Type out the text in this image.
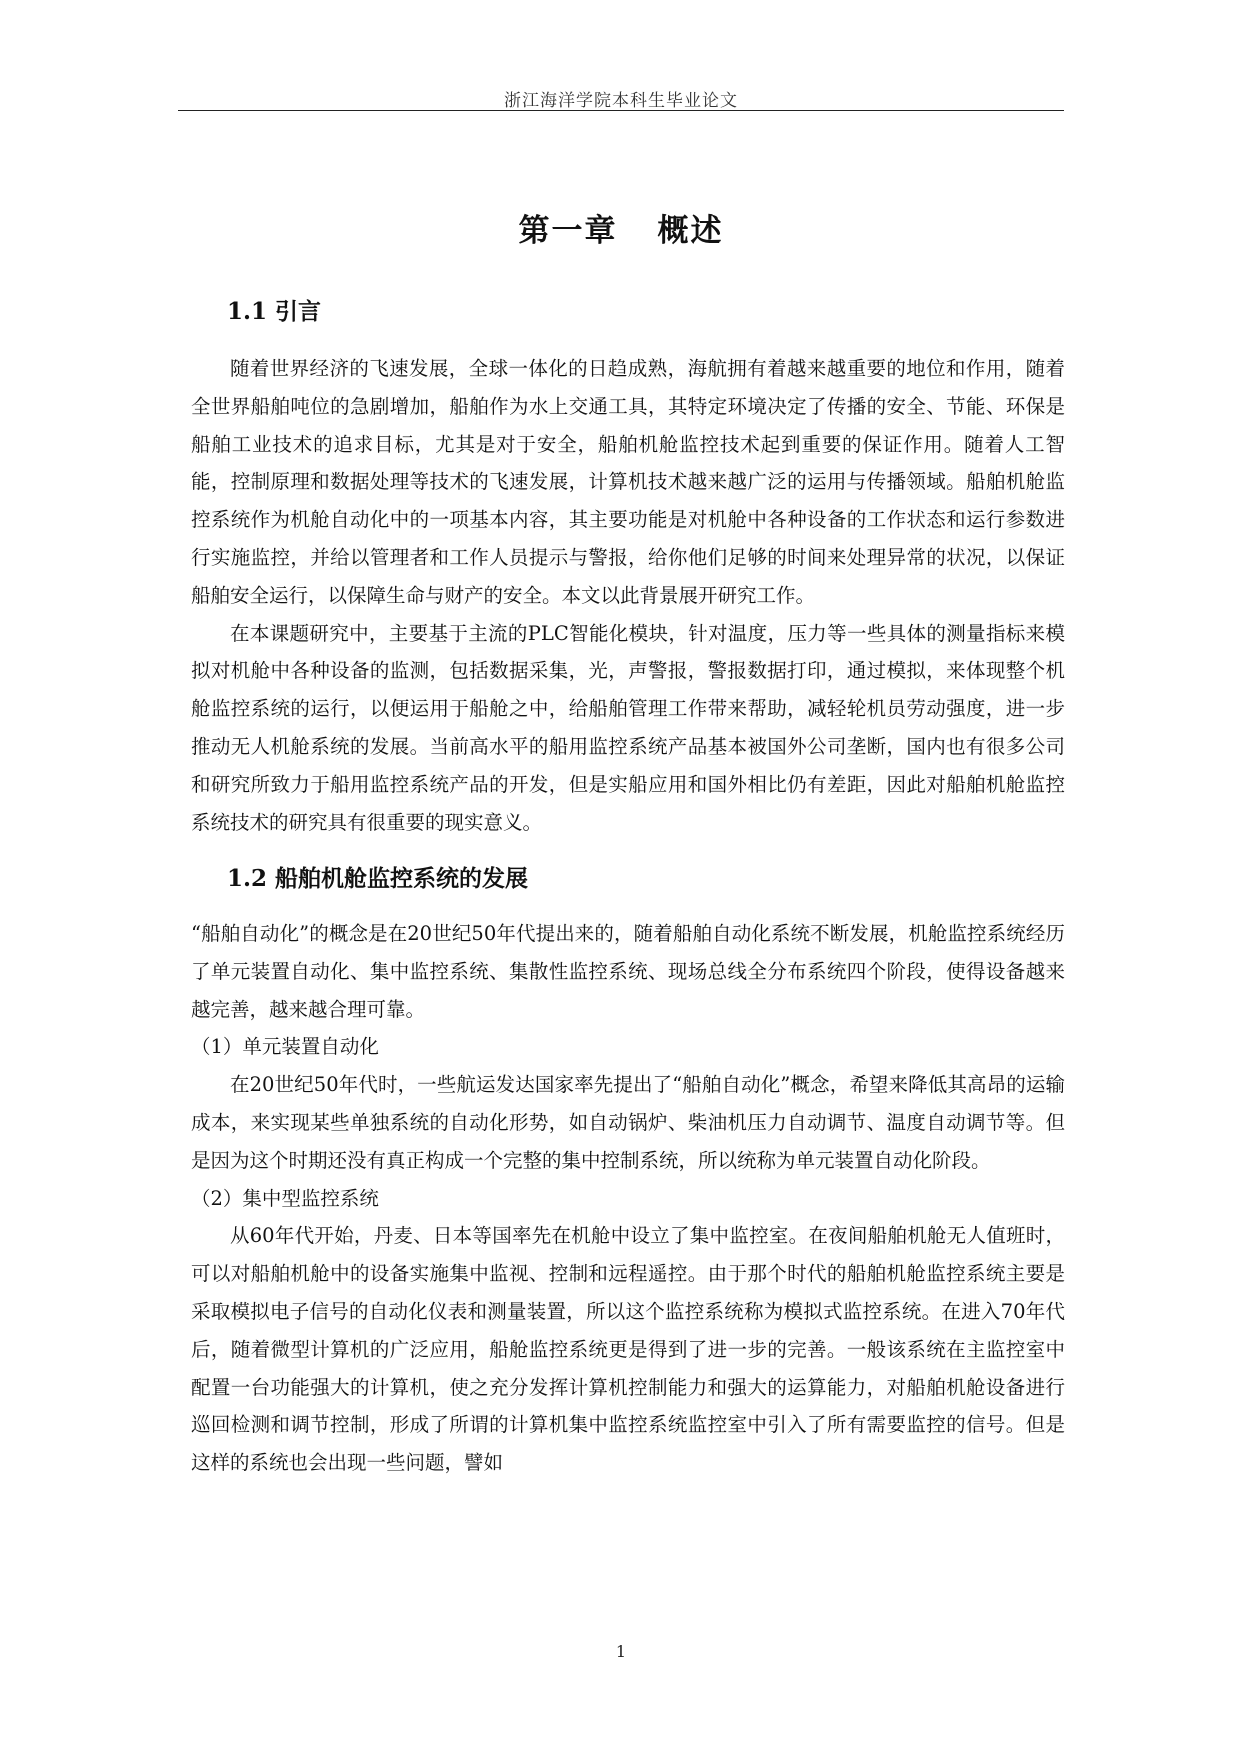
浙江海洋学院本科生毕业论文
第一章 概述
1.1 引言

随着世界经济的飞速发展，全球一体化的日趋成熟，海航拥有着越来越重要的地位和作用，随着全世界船舶吨位的急剧增加，船舶作为水上交通工具，其特定环境决定了传播的安全、节能、环保是船舶工业技术的追求目标，尤其是对于安全，船舶机舱监控技术起到重要的保证作用。随着人工智能，控制原理和数据处理等技术的飞速发展，计算机技术越来越广泛的运用与传播领域。船舶机舱监控系统作为机舱自动化中的一项基本内容，其主要功能是对机舱中各种设备的工作状态和运行参数进行实施监控，并给以管理者和工作人员提示与警报，给你他们足够的时间来处理异常的状况，以保证船舶安全运行，以保障生命与财产的安全。本文以此背景展开研究工作。

在本课题研究中，主要基于主流的PLC智能化模块，针对温度，压力等一些具体的测量指标来模拟对机舱中各种设备的监测，包括数据采集，光，声警报，警报数据打印，通过模拟，来体现整个机舱监控系统的运行，以便运用于船舱之中，给船舶管理工作带来帮助，减轻轮机员劳动强度，进一步推动无人机舱系统的发展。当前高水平的船用监控系统产品基本被国外公司垄断，国内也有很多公司和研究所致力于船用监控系统产品的开发，但是实船应用和国外相比仍有差距，因此对船舶机舱监控系统技术的研究具有很重要的现实意义。

1.2 船舶机舱监控系统的发展

“船舶自动化”的概念是在20世纪50年代提出来的，随着船舶自动化系统不断发展，机舱监控系统经历了单元装置自动化、集中监控系统、集散性监控系统、现场总线全分布系统四个阶段，使得设备越来越完善，越来越合理可靠。

（1）单元装置自动化

在20世纪50年代时，一些航运发达国家率先提出了“船舶自动化”概念，希望来降低其高昂的运输成本，来实现某些单独系统的自动化形势，如自动锅炉、柴油机压力自动调节、温度自动调节等。但是因为这个时期还没有真正构成一个完整的集中控制系统，所以统称为单元装置自动化阶段。

（2）集中型监控系统

从60年代开始，丹麦、日本等国率先在机舱中设立了集中监控室。在夜间船舶机舱无人值班时，可以对船舶机舱中的设备实施集中监视、控制和远程遥控。由于那个时代的船舶机舱监控系统主要是采取模拟电子信号的自动化仪表和测量装置，所以这个监控系统称为模拟式监控系统。在进入70年代后，随着微型计算机的广泛应用，船舱监控系统更是得到了进一步的完善。一般该系统在主监控室中配置一台功能强大的计算机，使之充分发挥计算机控制能力和强大的运算能力，对船舶机舱设备进行巡回检测和调节控制，形成了所谓的计算机集中监控系统监控室中引入了所有需要监控的信号。但是这样的系统也会出现一些问题，譬如

1
